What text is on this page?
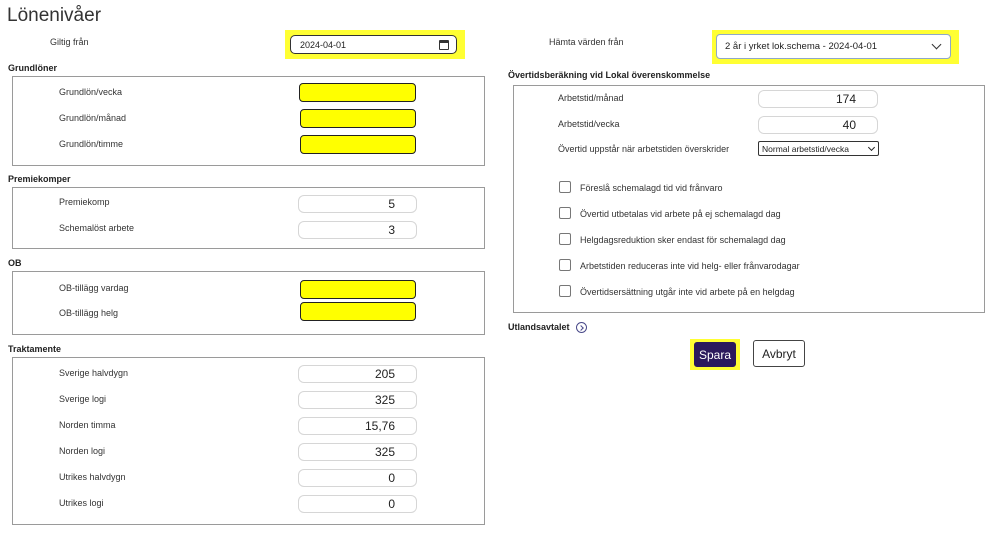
Lönenivåer
Giltig från	2024-04-01	Hämta värden från	2 år i yrket lok.schema - 2024-04-01
Grundlöner
Grundlön/vecka
Grundlön/månad
Grundlön/timme
Premiekomper
Premiekomp	5
Schemalöst arbete	3
OB
OB-tillägg vardag
OB-tillägg helg
Traktamente
Sverige halvdygn	205
Sverige logi	325
Norden timma	15,76
Norden logi	325
Utrikes halvdygn	0
Utrikes logi	0
Övertidsberäkning vid Lokal överenskommelse
Arbetstid/månad	174
Arbetstid/vecka	40
Övertid uppstår när arbetstiden överskrider	Normal arbetstid/vecka
Föreslå schemalagd tid vid frånvaro
Övertid utbetalas vid arbete på ej schemalagd dag
Helgdagsreduktion sker endast för schemalagd dag
Arbetstiden reduceras inte vid helg- eller frånvarodagar
Övertidsersättning utgår inte vid arbete på en helgdag
Utlandsavtalet
Spara	Avbryt
